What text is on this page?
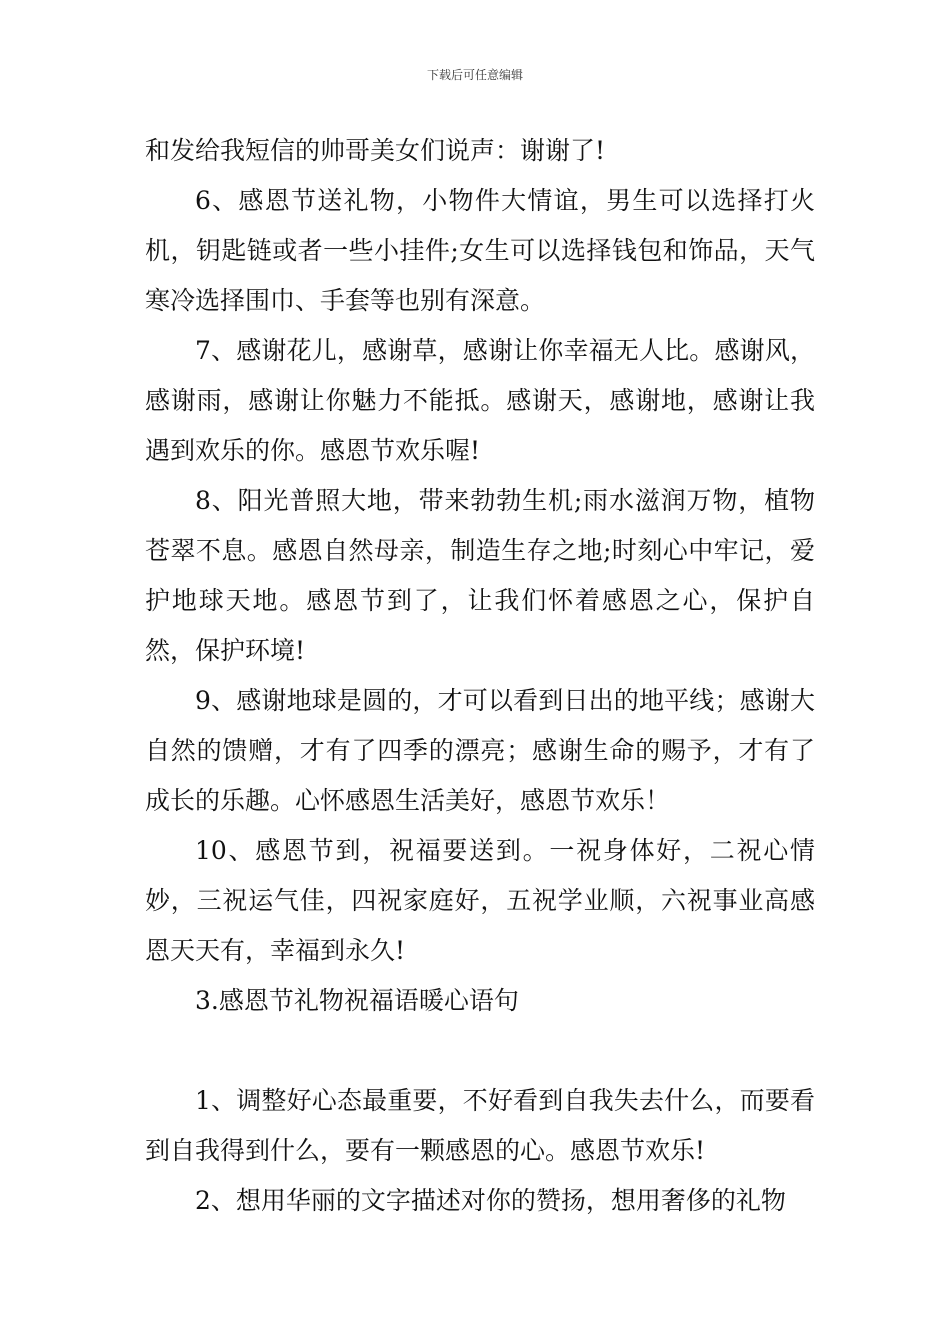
下载后可任意编辑

和发给我短信的帅哥美女们说声：谢谢了!

6、感恩节送礼物，小物件大情谊，男生可以选择打火机，钥匙链或者一些小挂件;女生可以选择钱包和饰品，天气寒冷选择围巾、手套等也别有深意。

7、感谢花儿，感谢草，感谢让你幸福无人比。感谢风，感谢雨，感谢让你魅力不能抵。感谢天，感谢地，感谢让我遇到欢乐的你。感恩节欢乐喔!

8、阳光普照大地，带来勃勃生机;雨水滋润万物，植物苍翠不息。感恩自然母亲，制造生存之地;时刻心中牢记，爱护地球天地。感恩节到了，让我们怀着感恩之心，保护自然，保护环境!

9、感谢地球是圆的，才可以看到日出的地平线；感谢大自然的馈赠，才有了四季的漂亮；感谢生命的赐予，才有了成长的乐趣。心怀感恩生活美好，感恩节欢乐！

10、感恩节到，祝福要送到。一祝身体好，二祝心情妙，三祝运气佳，四祝家庭好，五祝学业顺，六祝事业高感恩天天有，幸福到永久!

3.感恩节礼物祝福语暖心语句

1、调整好心态最重要，不好看到自我失去什么，而要看到自我得到什么，要有一颗感恩的心。感恩节欢乐!

2、想用华丽的文字描述对你的赞扬，想用奢侈的礼物
